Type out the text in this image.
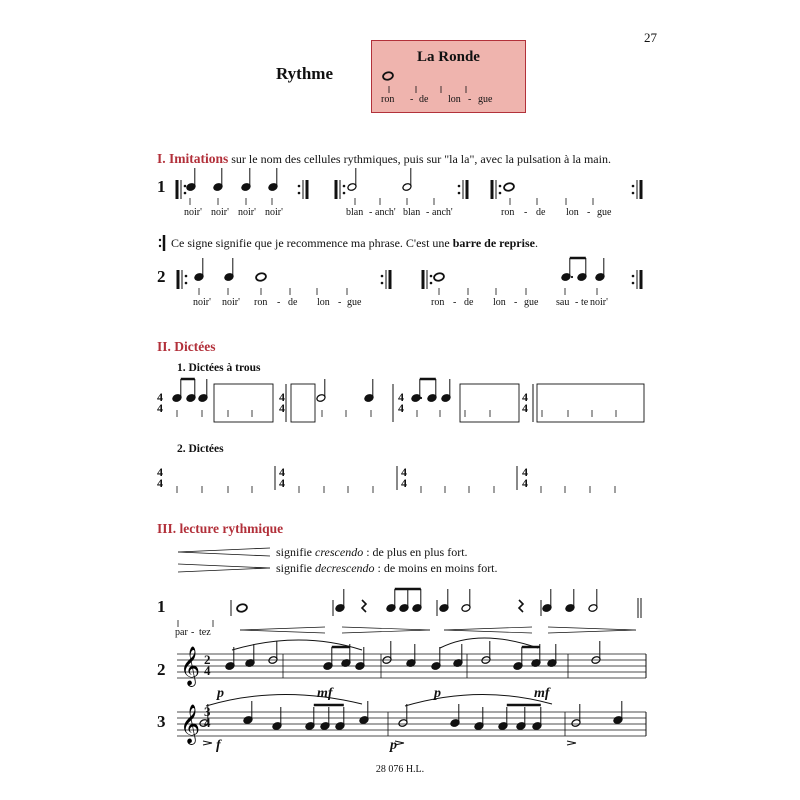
27
Rythme
La Ronde
ron - de lon - gue
I. Imitations sur le nom des cellules rythmiques, puis sur "la la", avec la pulsation à la main.
1
noir' noir' noir' noir'	blan - anch' blan - anch'	ron - de lon - gue
Ce signe signifie que je recommence ma phrase. C'est une barre de reprise.
2
noir' noir' ron - de lon - gue	ron - de lon - gue sau - te noir'
II. Dictées
1. Dictées à trous
2. Dictées
4
4
4
4
4
4
4
4
4
4
4
4
4
4
4
4
III. lecture rythmique
signifie crescendo : de plus en plus fort.
signifie decrescendo : de moins en moins fort.
1
par - tez
2
2
4
p	mf	p	mf
3
3
4
f	p
28 076 H.L.
𝄞
𝄞
